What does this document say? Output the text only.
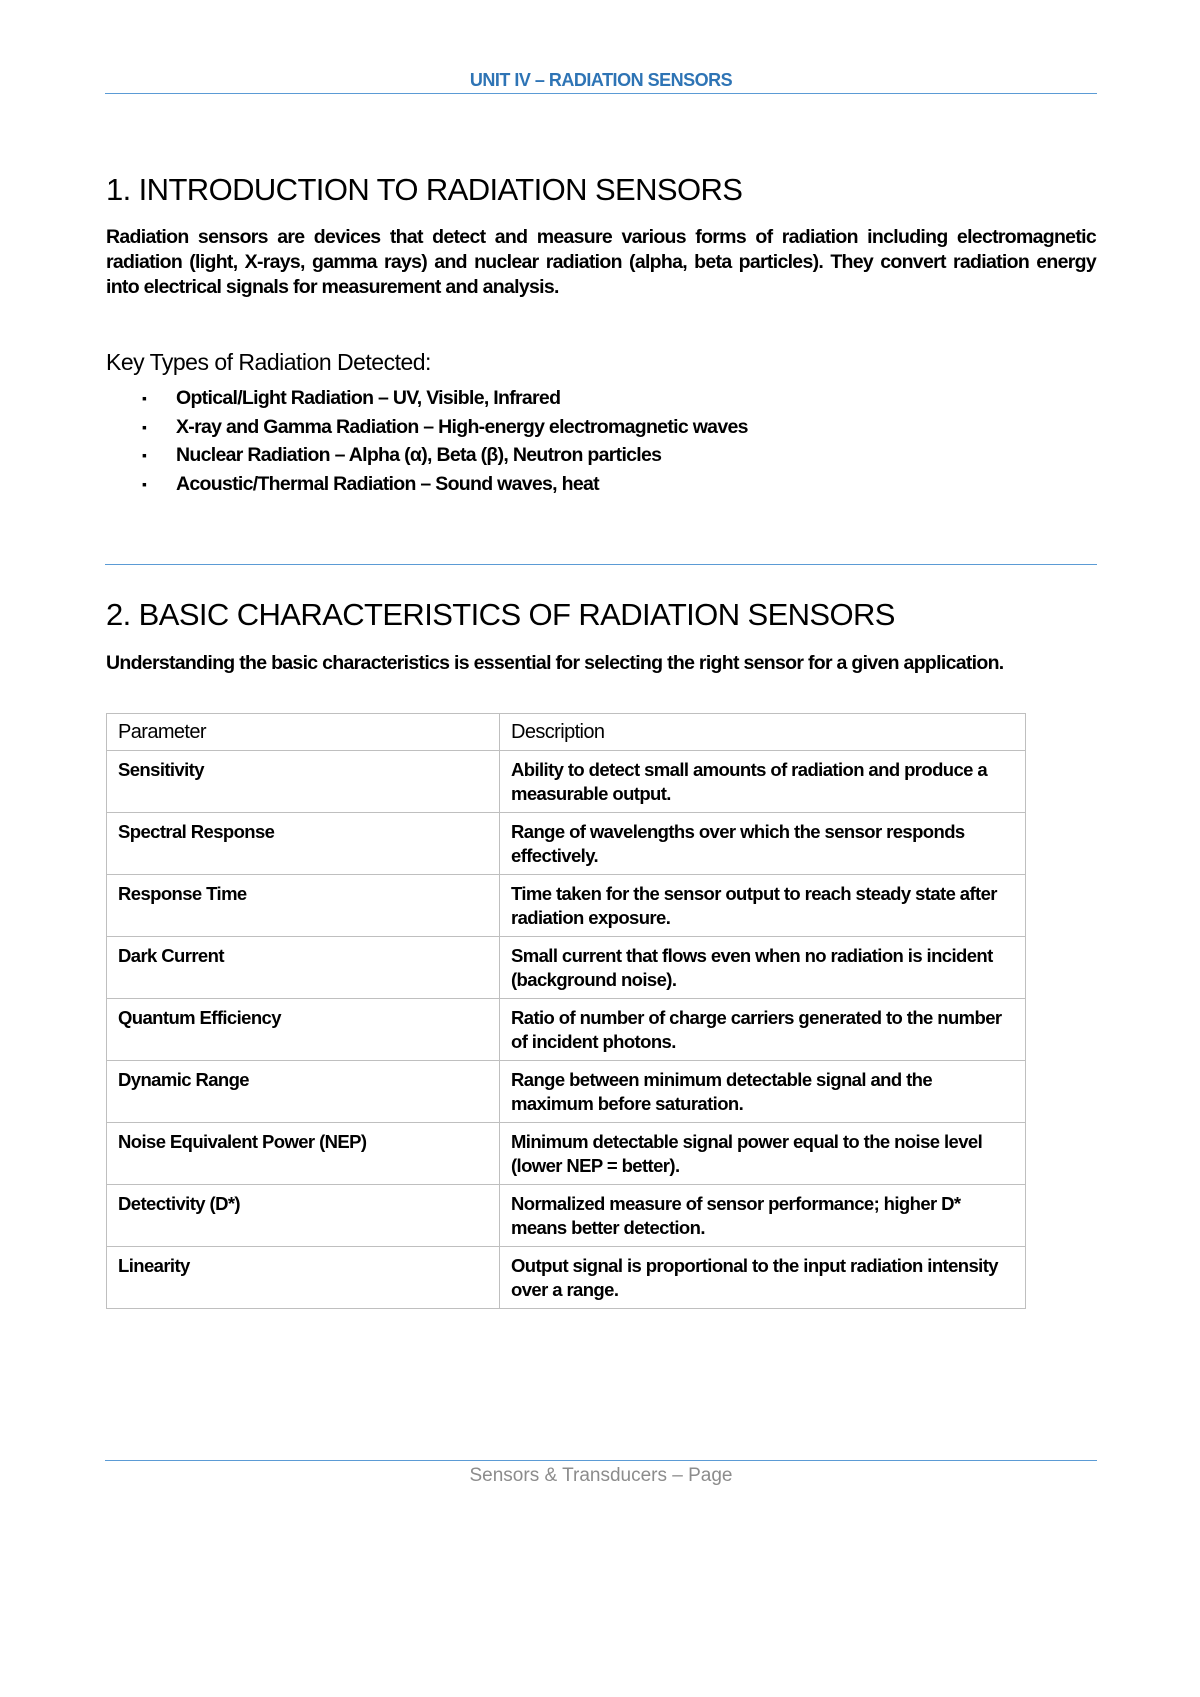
UNIT IV – RADIATION SENSORS
1. INTRODUCTION TO RADIATION SENSORS

Radiation sensors are devices that detect and measure various forms of radiation including electromagnetic radiation (light, X-rays, gamma rays) and nuclear radiation (alpha, beta particles). They convert radiation energy into electrical signals for measurement and analysis.

Key Types of Radiation Detected:

▪ Optical/Light Radiation – UV, Visible, Infrared
▪ X-ray and Gamma Radiation – High-energy electromagnetic waves
▪ Nuclear Radiation – Alpha (α), Beta (β), Neutron particles
▪ Acoustic/Thermal Radiation – Sound waves, heat
2. BASIC CHARACTERISTICS OF RADIATION SENSORS

Understanding the basic characteristics is essential for selecting the right sensor for a given application.

Parameter	Description
Sensitivity	Ability to detect small amounts of radiation and produce a measurable output.
Spectral Response	Range of wavelengths over which the sensor responds effectively.
Response Time	Time taken for the sensor output to reach steady state after radiation exposure.
Dark Current	Small current that flows even when no radiation is incident (background noise).
Quantum Efficiency	Ratio of number of charge carriers generated to the number of incident photons.
Dynamic Range	Range between minimum detectable signal and the maximum before saturation.
Noise Equivalent Power (NEP)	Minimum detectable signal power equal to the noise level (lower NEP = better).
Detectivity (D*)	Normalized measure of sensor performance; higher D* means better detection.
Linearity	Output signal is proportional to the input radiation intensity over a range.
Sensors & Transducers – Page
